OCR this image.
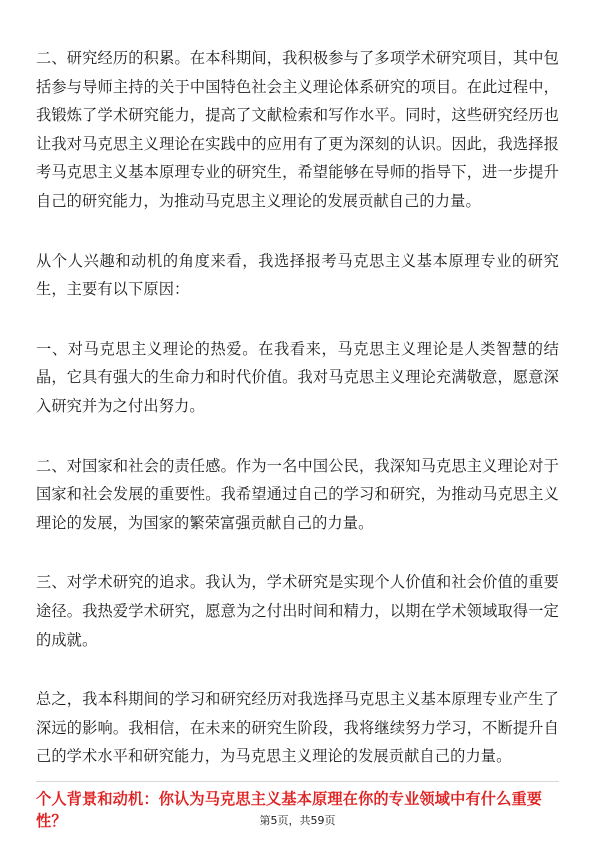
二、研究经历的积累。在本科期间，我积极参与了多项学术研究项目，其中包括参与导师主持的关于中国特色社会主义理论体系研究的项目。在此过程中，我锻炼了学术研究能力，提高了文献检索和写作水平。同时，这些研究经历也让我对马克思主义理论在实践中的应用有了更为深刻的认识。因此，我选择报考马克思主义基本原理专业的研究生，希望能够在导师的指导下，进一步提升自己的研究能力，为推动马克思主义理论的发展贡献自己的力量。

从个人兴趣和动机的角度来看，我选择报考马克思主义基本原理专业的研究生，主要有以下原因：

一、对马克思主义理论的热爱。在我看来，马克思主义理论是人类智慧的结晶，它具有强大的生命力和时代价值。我对马克思主义理论充满敬意，愿意深入研究并为之付出努力。

二、对国家和社会的责任感。作为一名中国公民，我深知马克思主义理论对于国家和社会发展的重要性。我希望通过自己的学习和研究，为推动马克思主义理论的发展，为国家的繁荣富强贡献自己的力量。

三、对学术研究的追求。我认为，学术研究是实现个人价值和社会价值的重要途径。我热爱学术研究，愿意为之付出时间和精力，以期在学术领域取得一定的成就。

总之，我本科期间的学习和研究经历对我选择马克思主义基本原理专业产生了深远的影响。我相信，在未来的研究生阶段，我将继续努力学习，不断提升自己的学术水平和研究能力，为马克思主义理论的发展贡献自己的力量。

个人背景和动机：你认为马克思主义基本原理在你的专业领域中有什么重要性？	第5页，共59页
